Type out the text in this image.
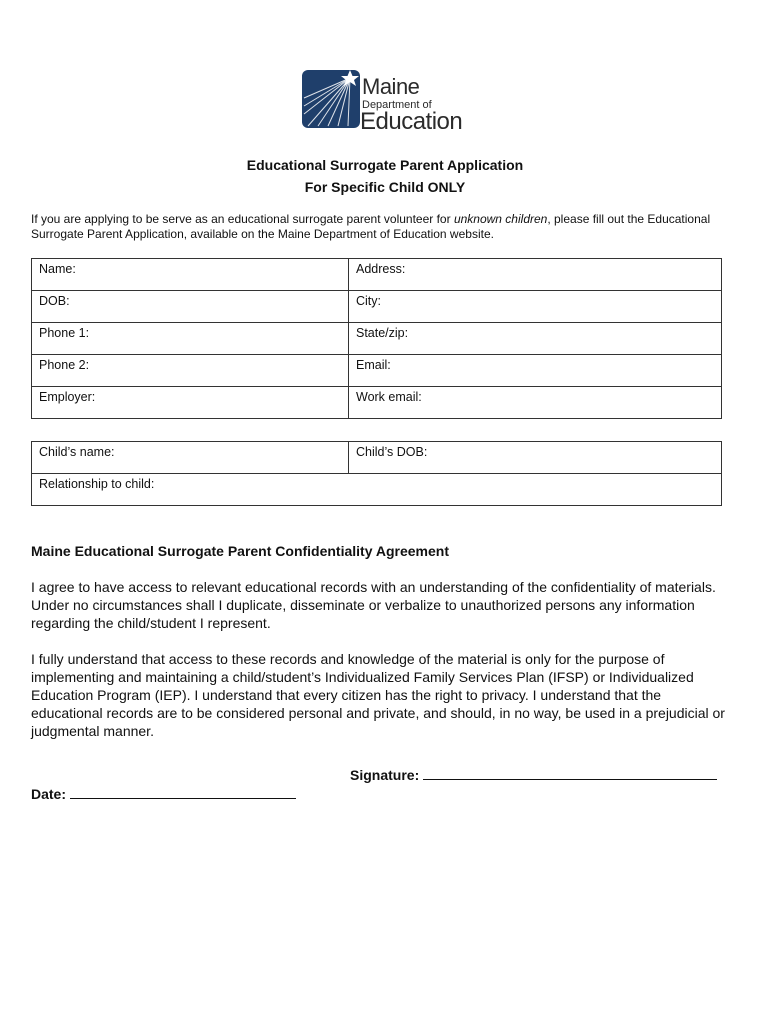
Maine
Department of
Education
Educational Surrogate Parent Application
For Specific Child ONLY
If you are applying to be serve as an educational surrogate parent volunteer for unknown children, please fill out the Educational Surrogate Parent Application, available on the Maine Department of Education website.
Name:	Address:
DOB:	City:
Phone 1:	State/zip:
Phone 2:	Email:
Employer:	Work email:
Child’s name:	Child’s DOB:
Relationship to child:
Maine Educational Surrogate Parent Confidentiality Agreement
I agree to have access to relevant educational records with an understanding of the confidentiality of materials. Under no circumstances shall I duplicate, disseminate or verbalize to unauthorized persons any information regarding the child/student I represent.
I fully understand that access to these records and knowledge of the material is only for the purpose of implementing and maintaining a child/student’s Individualized Family Services Plan (IFSP) or Individualized Education Program (IEP). I understand that every citizen has the right to privacy. I understand that the educational records are to be considered personal and private, and should, in no way, be used in a prejudicial or judgmental manner.
Signature:
Date:
